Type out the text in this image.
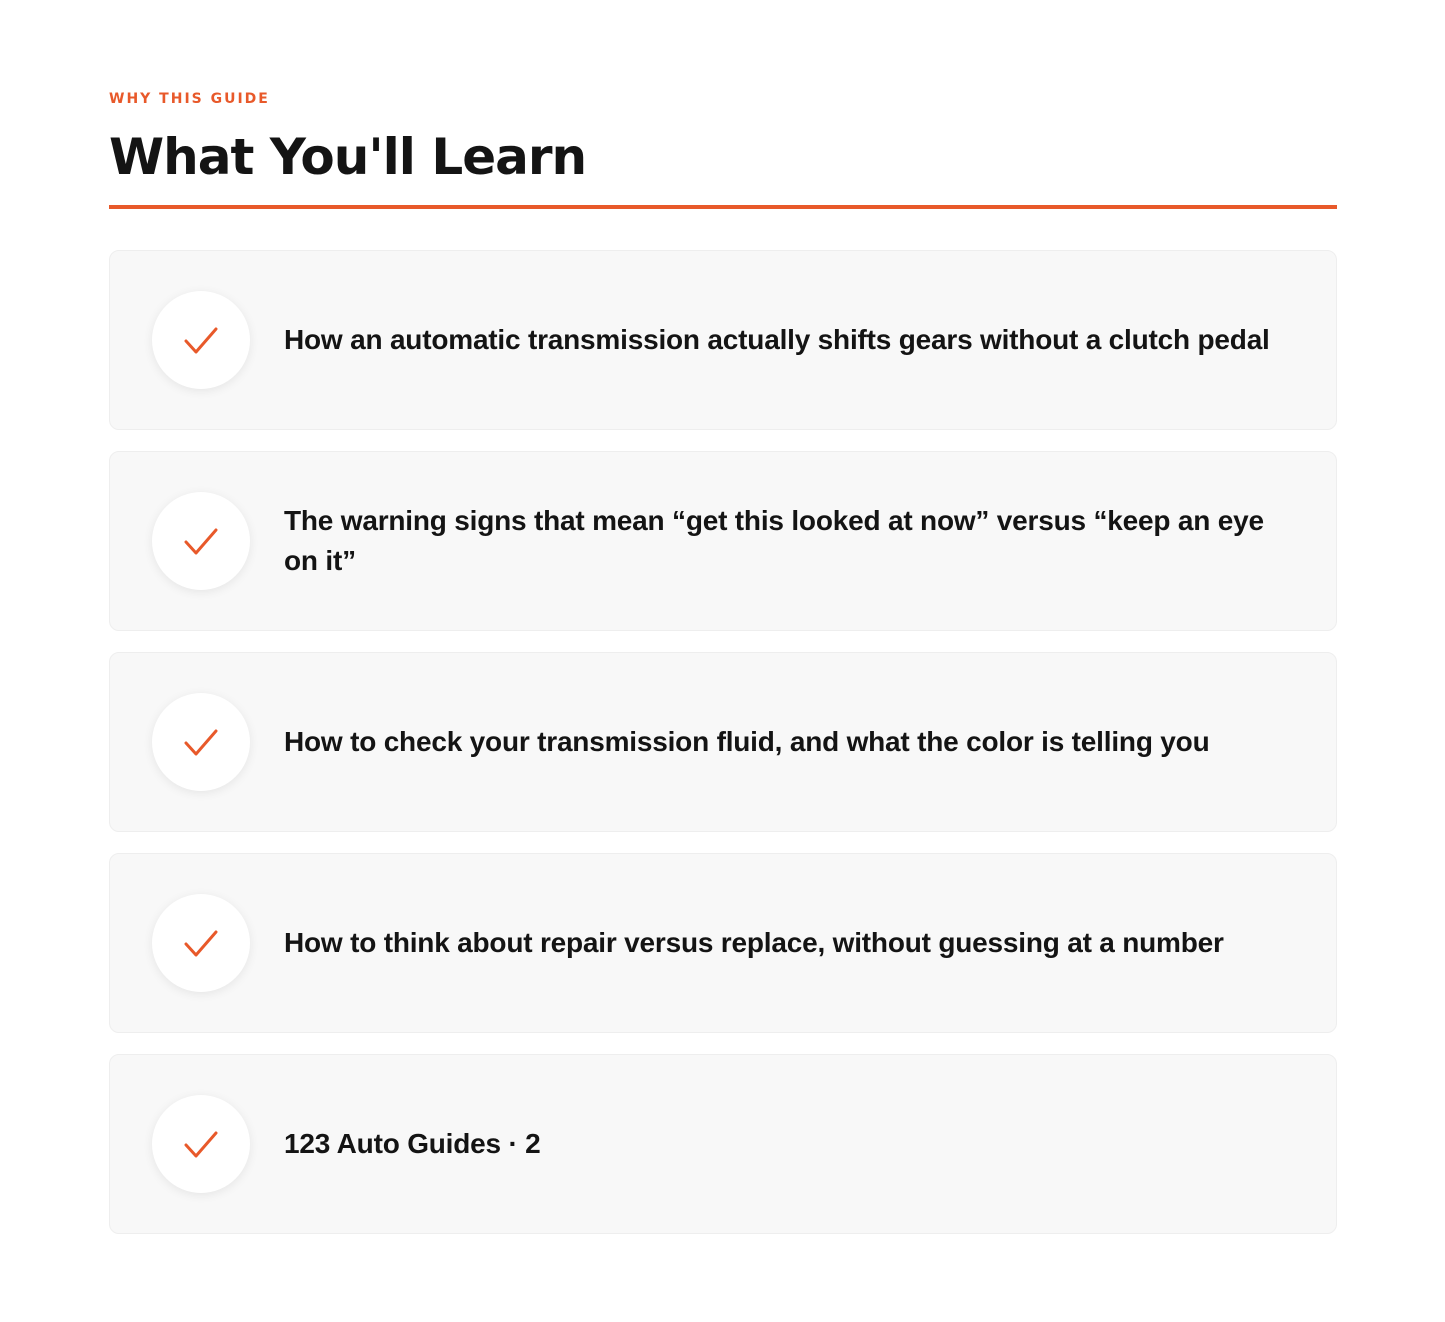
WHY THIS GUIDE
What You'll Learn
How an automatic transmission actually shifts gears without a clutch pedal
The warning signs that mean “get this looked at now” versus “keep an eye on it”
How to check your transmission fluid, and what the color is telling you
How to think about repair versus replace, without guessing at a number
123 Auto Guides · 2
